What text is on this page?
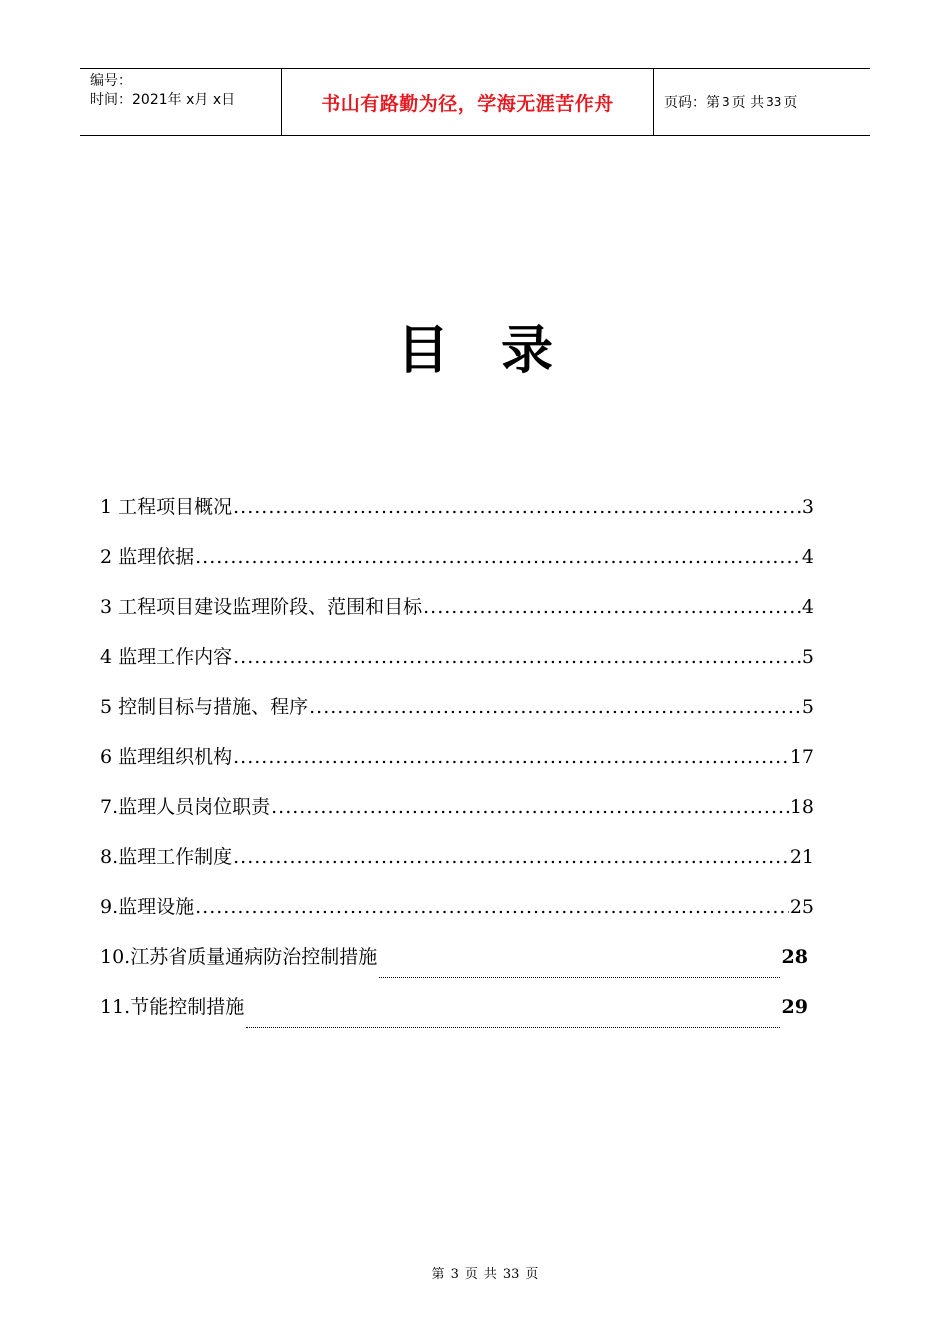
编号：
时间：2021年 x月 x日	书山有路勤为径，学海无涯苦作舟	页码：第 3 页 共 33 页
目 录
1 工程项目概况 .....	3
2 监理依据 .....	4
3 工程项目建设监理阶段、范围和目标 .....	4
4 监理工作内容 .....	5
5 控制目标与措施、程序 .....	5
6 监理组织机构 .....	17
7.监理人员岗位职责 .....	18
8.监理工作制度 .....	21
9.监理设施 .....	25
10.江苏省质量通病防治控制措施	28
11.节能控制措施	29
第 3 页 共 33 页
